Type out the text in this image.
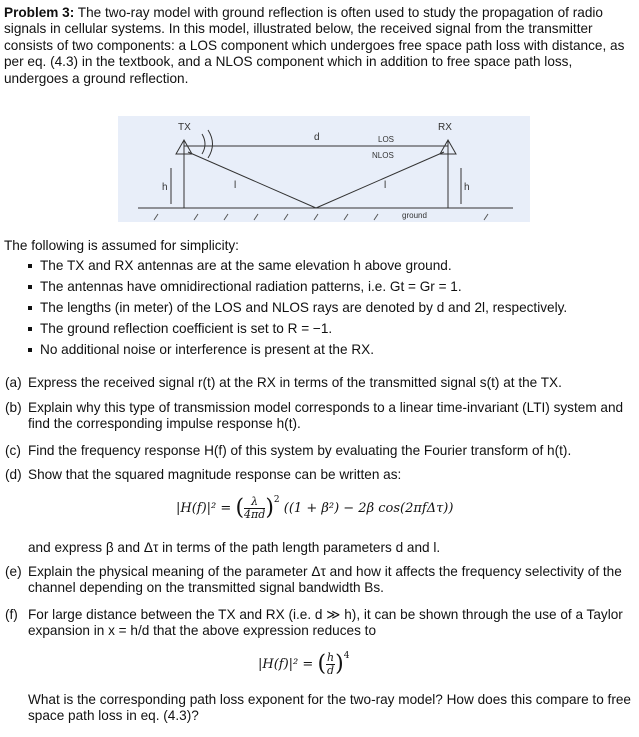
Problem 3: The two-ray model with ground reflection is often used to study the propagation of radio signals in cellular systems. In this model, illustrated below, the received signal from the transmitter consists of two components: a LOS component which undergoes free space path loss with distance, as per eq. (4.3) in the textbook, and a NLOS component which in addition to free space path loss, undergoes a ground reflection.
TX	RX
d	LOS
NLOS
l	l
h	h
ground
The following is assumed for simplicity:
The TX and RX antennas are at the same elevation h above ground.
The antennas have omnidirectional radiation patterns, i.e. Gt = Gr = 1.
The lengths (in meter) of the LOS and NLOS rays are denoted by d and 2l, respectively.
The ground reflection coefficient is set to R = −1.
No additional noise or interference is present at the RX.
(a) Express the received signal r(t) at the RX in terms of the transmitted signal s(t) at the TX.
(b) Explain why this type of transmission model corresponds to a linear time-invariant (LTI) system and find the corresponding impulse response h(t).
(c) Find the frequency response H(f) of this system by evaluating the Fourier transform of h(t).
(d) Show that the squared magnitude response can be written as:
|H(f)|² = ( $\frac{\lambda}{4\pi d} )^2$ ((1 + β²) − 2β cos(2πfΔτ))
and express β and Δτ in terms of the path length parameters d and l.
(e) Explain the physical meaning of the parameter Δτ and how it affects the frequency selectivity of the channel depending on the transmitted signal bandwidth Bs.
(f) For large distance between the TX and RX (i.e. d ≫ h), it can be shown through the use of a Taylor expansion in x = h/d that the above expression reduces to
|H(f)|² = ( $\frac{h}{d} )^4$
What is the corresponding path loss exponent for the two-ray model? How does this compare to free space path loss in eq. (4.3)?
